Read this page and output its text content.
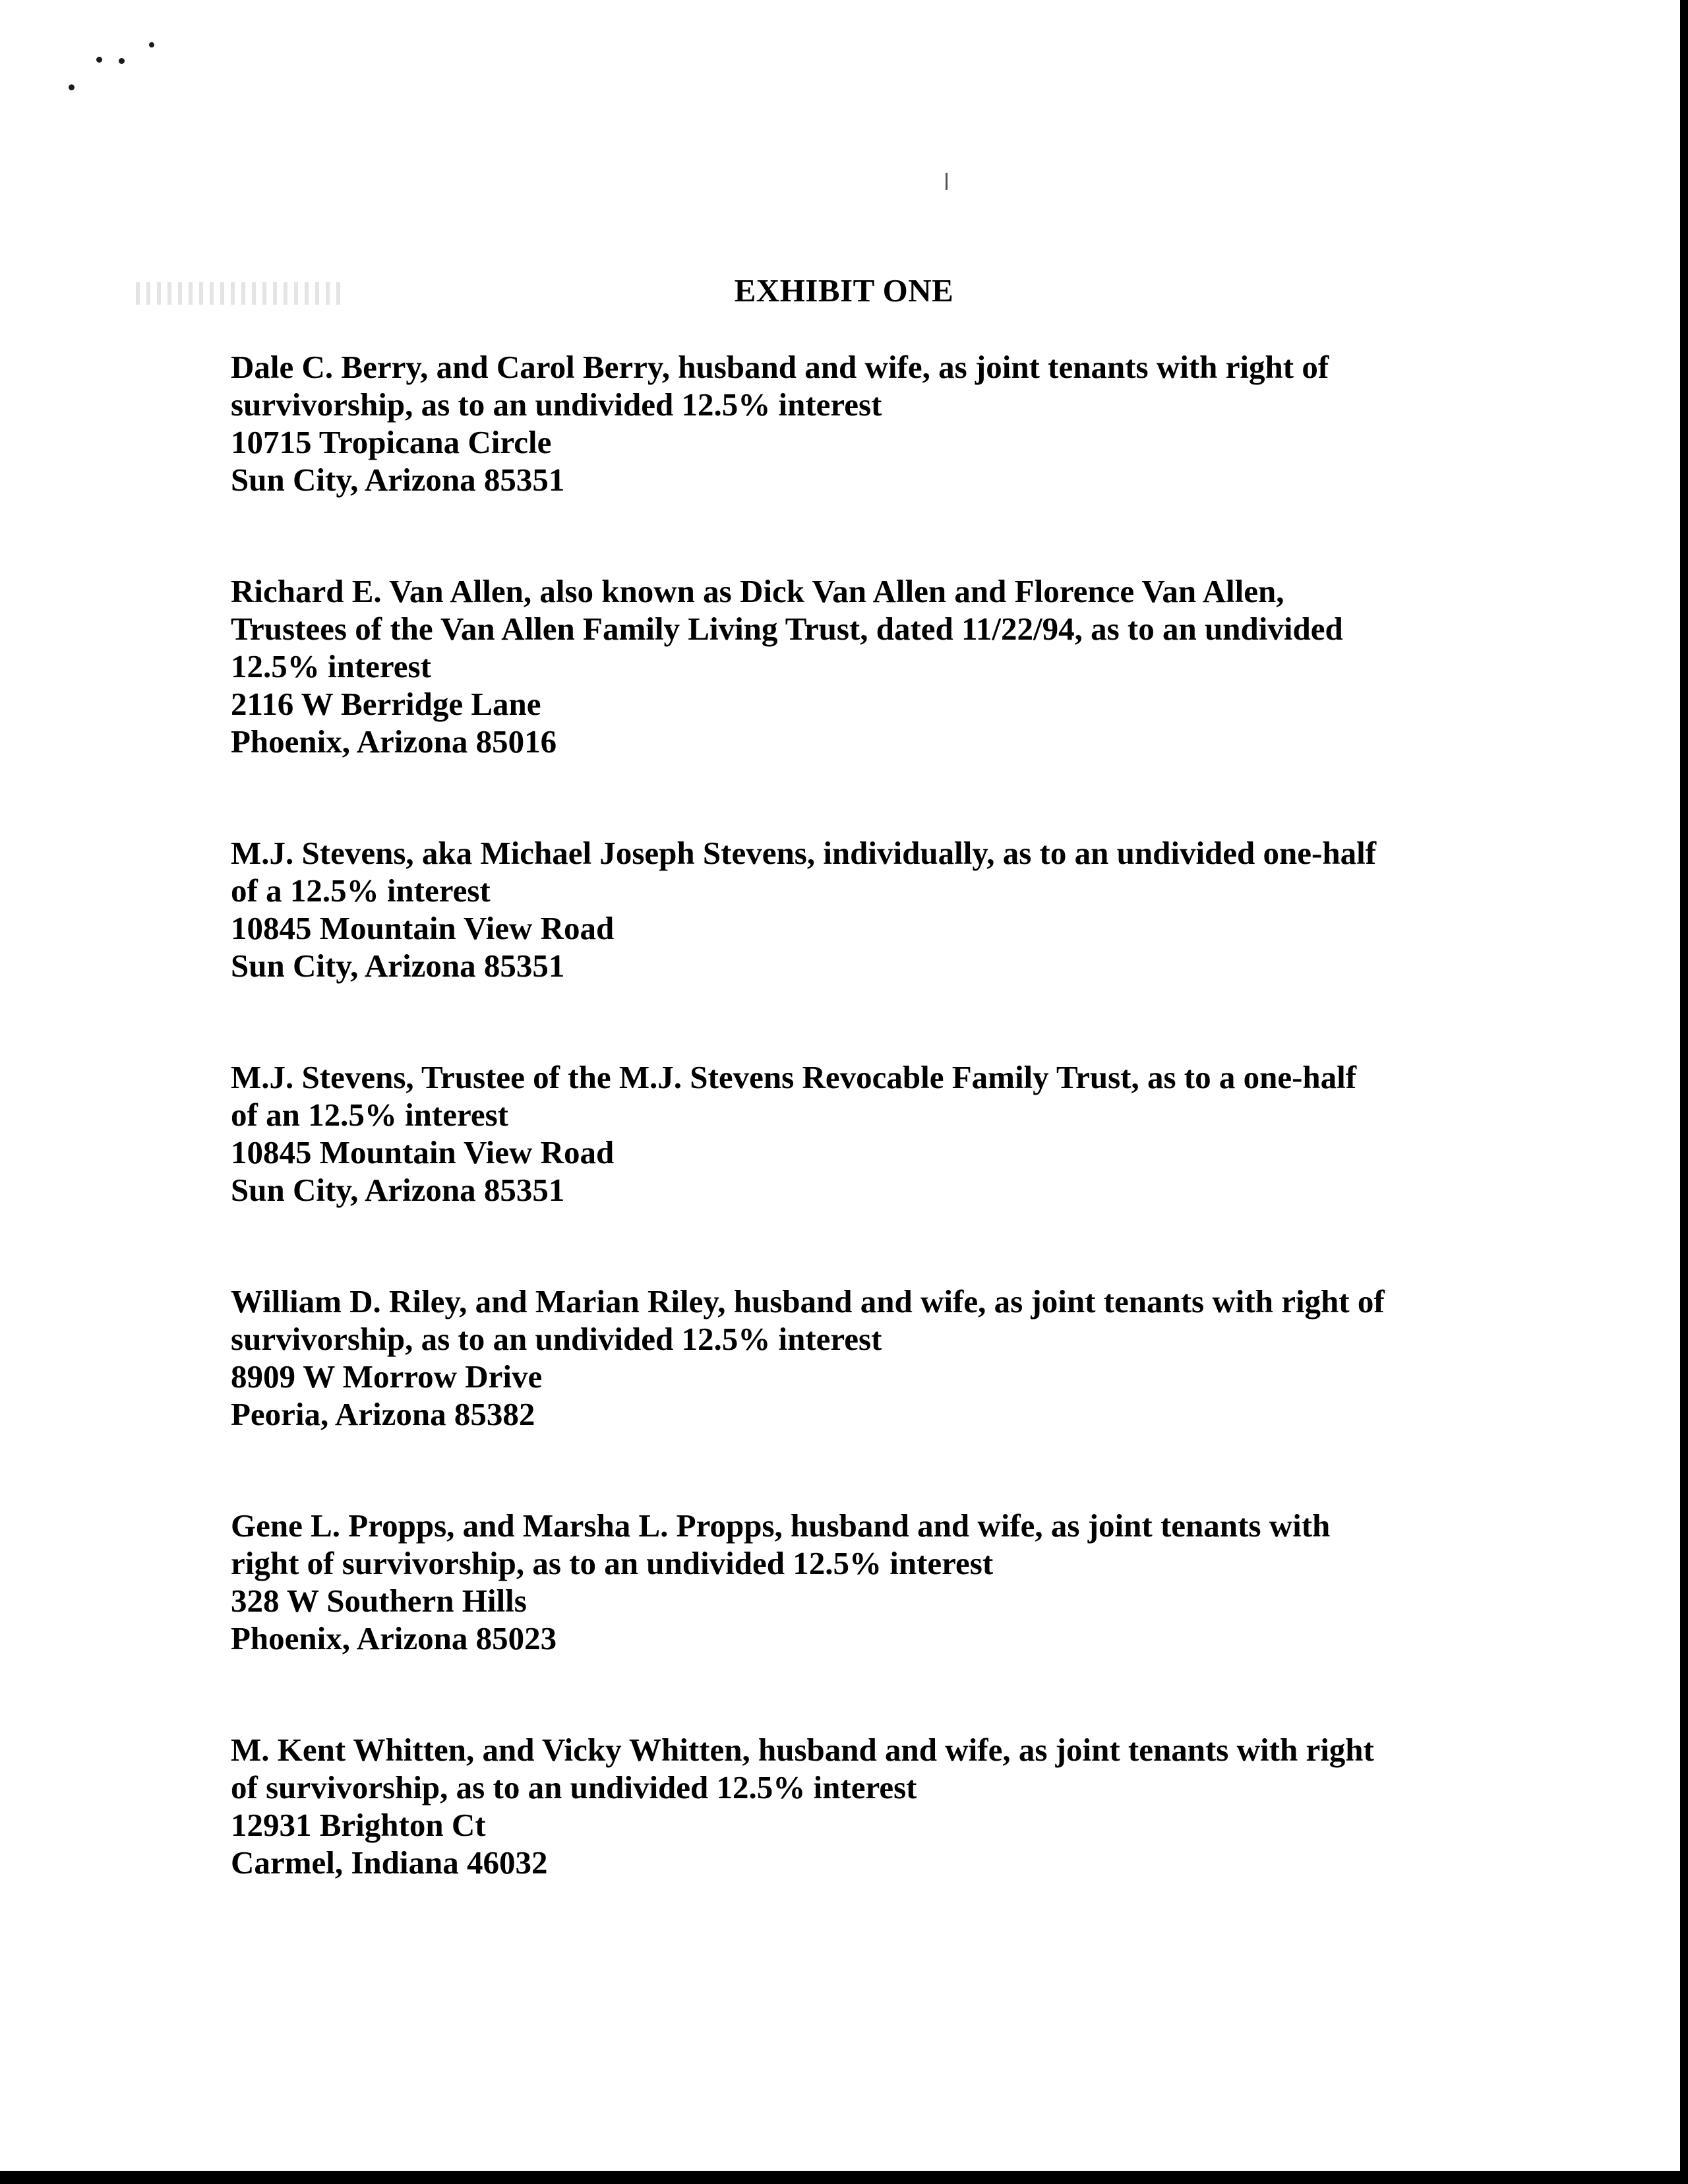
EXHIBIT ONE
Dale C. Berry, and Carol Berry, husband and wife, as joint tenants with right of
survivorship, as to an undivided 12.5% interest
10715 Tropicana Circle
Sun City, Arizona 85351
Richard E. Van Allen, also known as Dick Van Allen and Florence Van Allen,
Trustees of the Van Allen Family Living Trust, dated 11/22/94, as to an undivided
12.5% interest
2116 W Berridge Lane
Phoenix, Arizona 85016
M.J. Stevens, aka Michael Joseph Stevens, individually, as to an undivided one-half
of a 12.5% interest
10845 Mountain View Road
Sun City, Arizona 85351
M.J. Stevens, Trustee of the M.J. Stevens Revocable Family Trust, as to a one-half
of an 12.5% interest
10845 Mountain View Road
Sun City, Arizona 85351
William D. Riley, and Marian Riley, husband and wife, as joint tenants with right of
survivorship, as to an undivided 12.5% interest
8909 W Morrow Drive
Peoria, Arizona 85382
Gene L. Propps, and Marsha L. Propps, husband and wife, as joint tenants with
right of survivorship, as to an undivided 12.5% interest
328 W Southern Hills
Phoenix, Arizona 85023
M. Kent Whitten, and Vicky Whitten, husband and wife, as joint tenants with right
of survivorship, as to an undivided 12.5% interest
12931 Brighton Ct
Carmel, Indiana 46032
